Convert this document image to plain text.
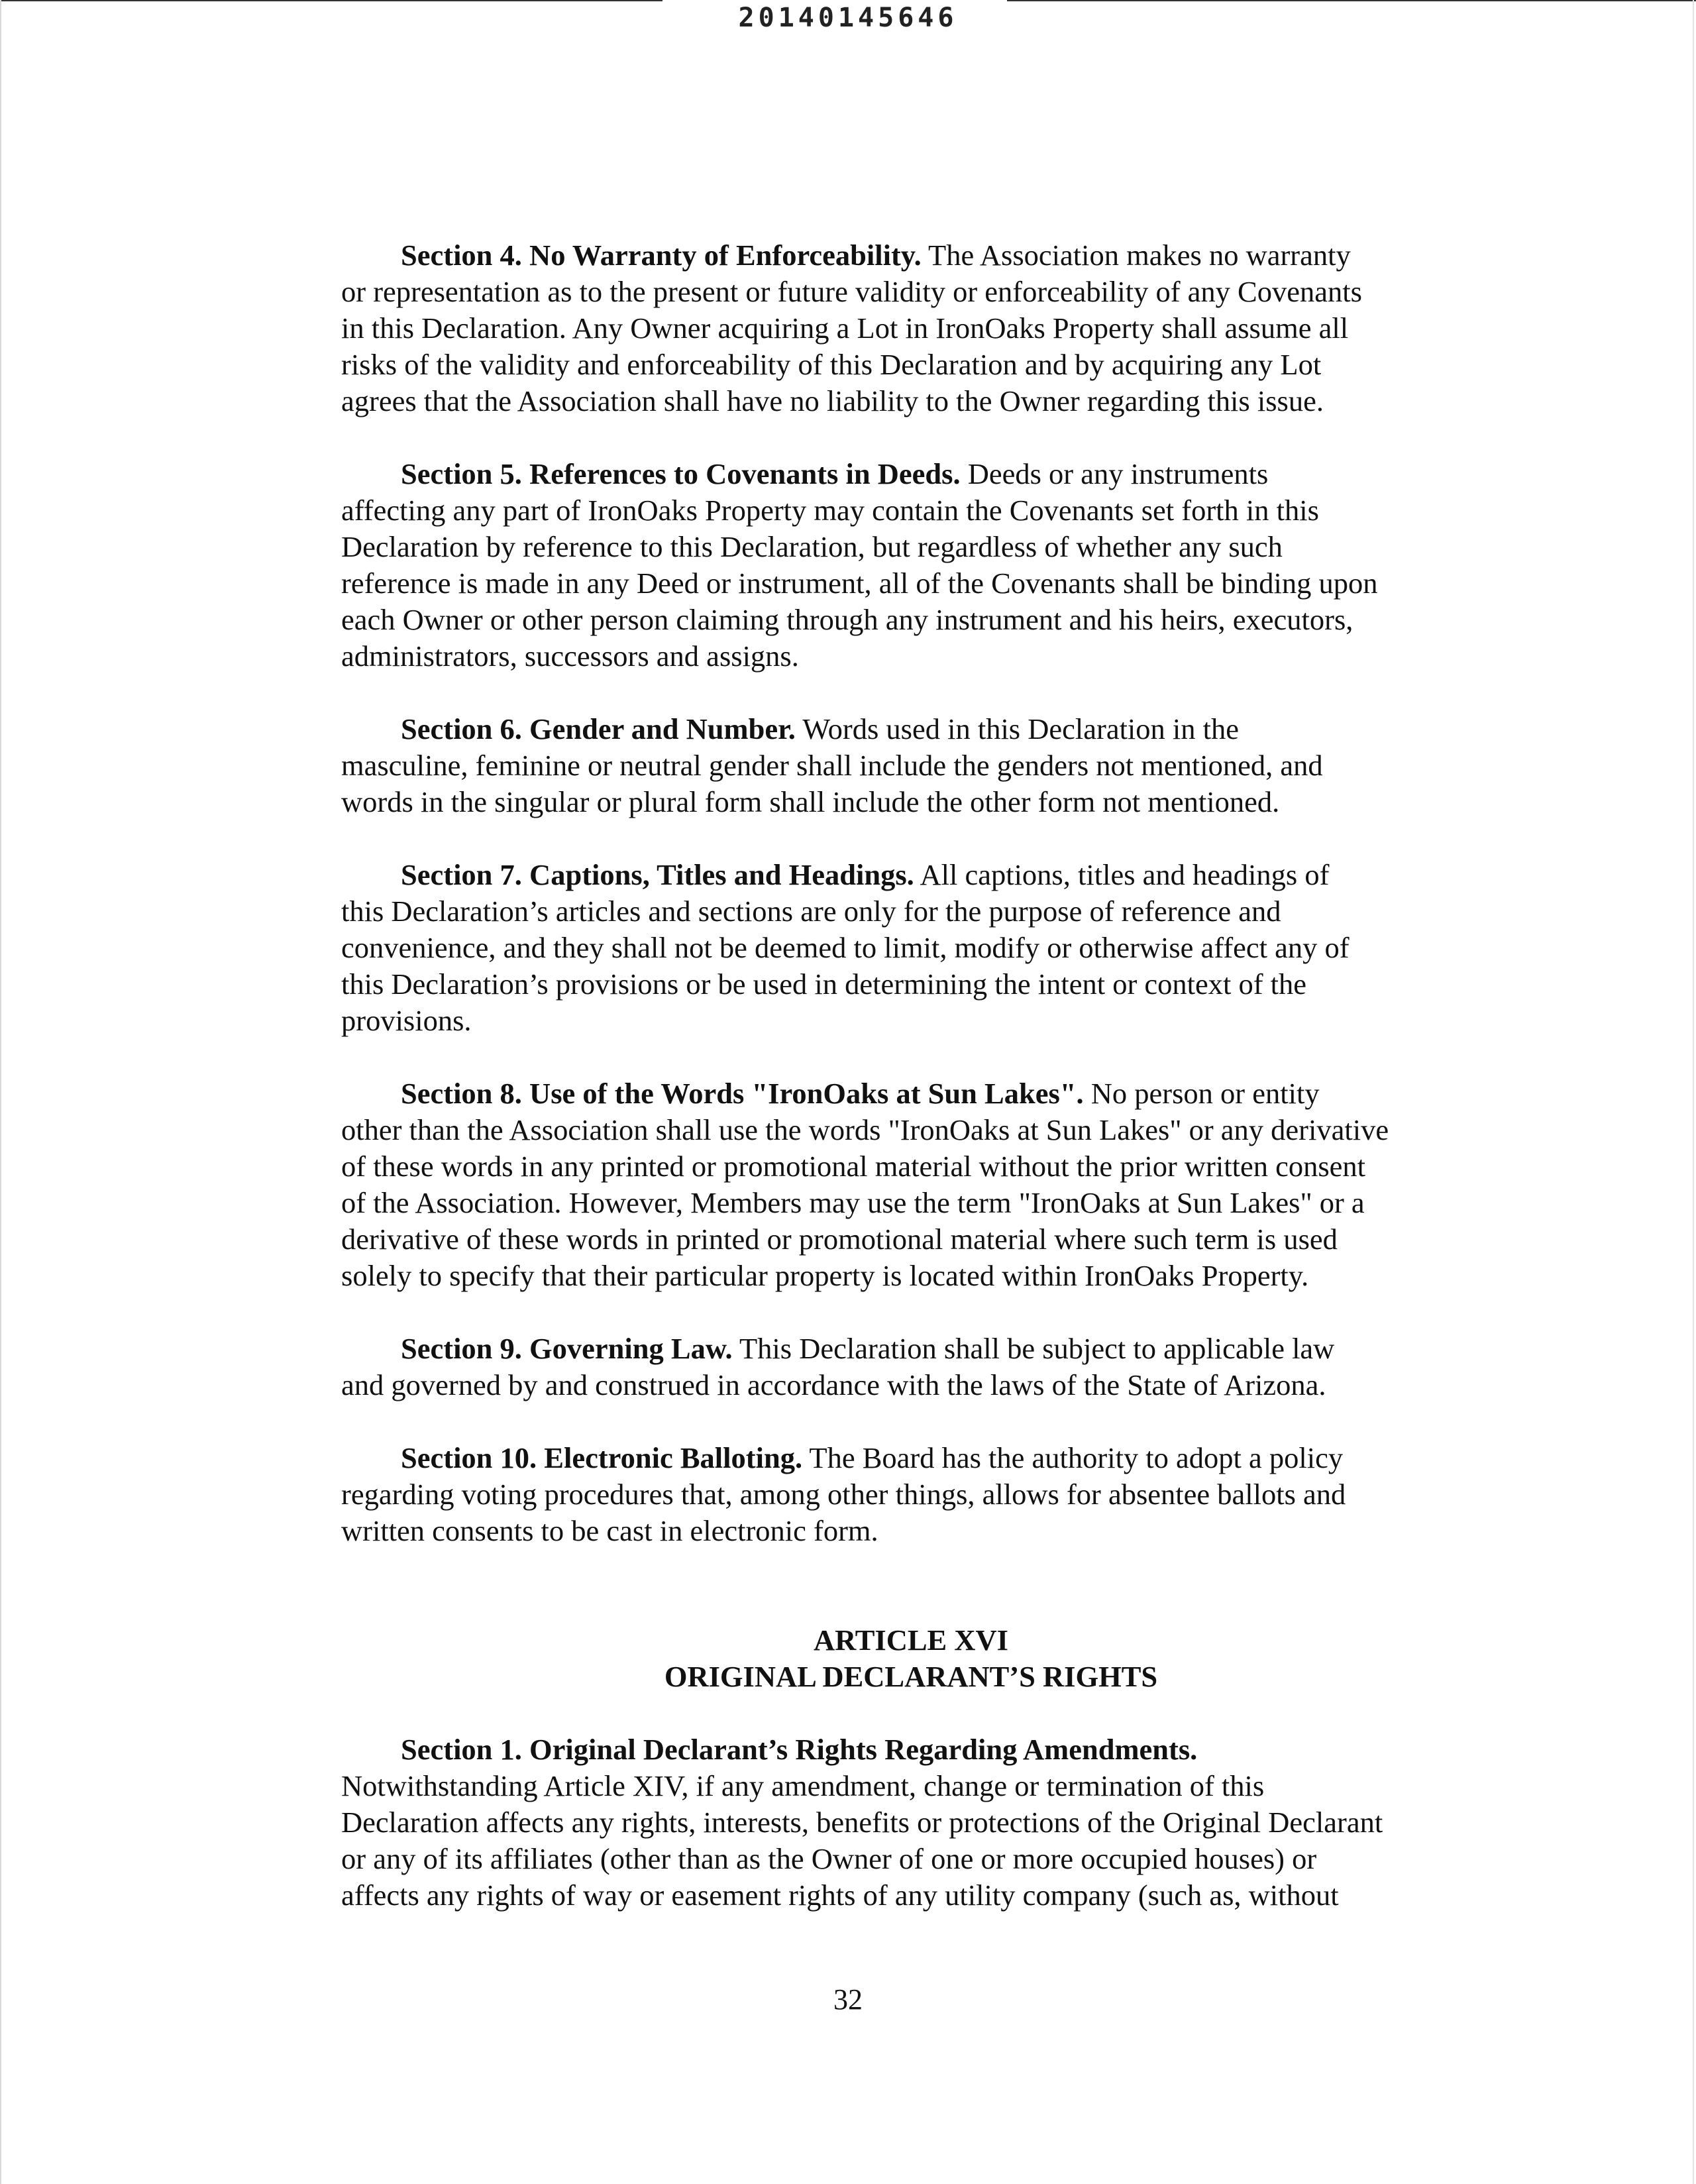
20140145646
Section 4. No Warranty of Enforceability. The Association makes no warranty
or representation as to the present or future validity or enforceability of any Covenants
in this Declaration. Any Owner acquiring a Lot in IronOaks Property shall assume all
risks of the validity and enforceability of this Declaration and by acquiring any Lot
agrees that the Association shall have no liability to the Owner regarding this issue.
Section 5. References to Covenants in Deeds. Deeds or any instruments
affecting any part of IronOaks Property may contain the Covenants set forth in this
Declaration by reference to this Declaration, but regardless of whether any such
reference is made in any Deed or instrument, all of the Covenants shall be binding upon
each Owner or other person claiming through any instrument and his heirs, executors,
administrators, successors and assigns.
Section 6. Gender and Number. Words used in this Declaration in the
masculine, feminine or neutral gender shall include the genders not mentioned, and
words in the singular or plural form shall include the other form not mentioned.
Section 7. Captions, Titles and Headings. All captions, titles and headings of
this Declaration’s articles and sections are only for the purpose of reference and
convenience, and they shall not be deemed to limit, modify or otherwise affect any of
this Declaration’s provisions or be used in determining the intent or context of the
provisions.
Section 8. Use of the Words "IronOaks at Sun Lakes". No person or entity
other than the Association shall use the words "IronOaks at Sun Lakes" or any derivative
of these words in any printed or promotional material without the prior written consent
of the Association. However, Members may use the term "IronOaks at Sun Lakes" or a
derivative of these words in printed or promotional material where such term is used
solely to specify that their particular property is located within IronOaks Property.
Section 9. Governing Law. This Declaration shall be subject to applicable law
and governed by and construed in accordance with the laws of the State of Arizona.
Section 10. Electronic Balloting. The Board has the authority to adopt a policy
regarding voting procedures that, among other things, allows for absentee ballots and
written consents to be cast in electronic form.
ARTICLE XVI
ORIGINAL DECLARANT’S RIGHTS
Section 1. Original Declarant’s Rights Regarding Amendments.
Notwithstanding Article XIV, if any amendment, change or termination of this
Declaration affects any rights, interests, benefits or protections of the Original Declarant
or any of its affiliates (other than as the Owner of one or more occupied houses) or
affects any rights of way or easement rights of any utility company (such as, without
32
